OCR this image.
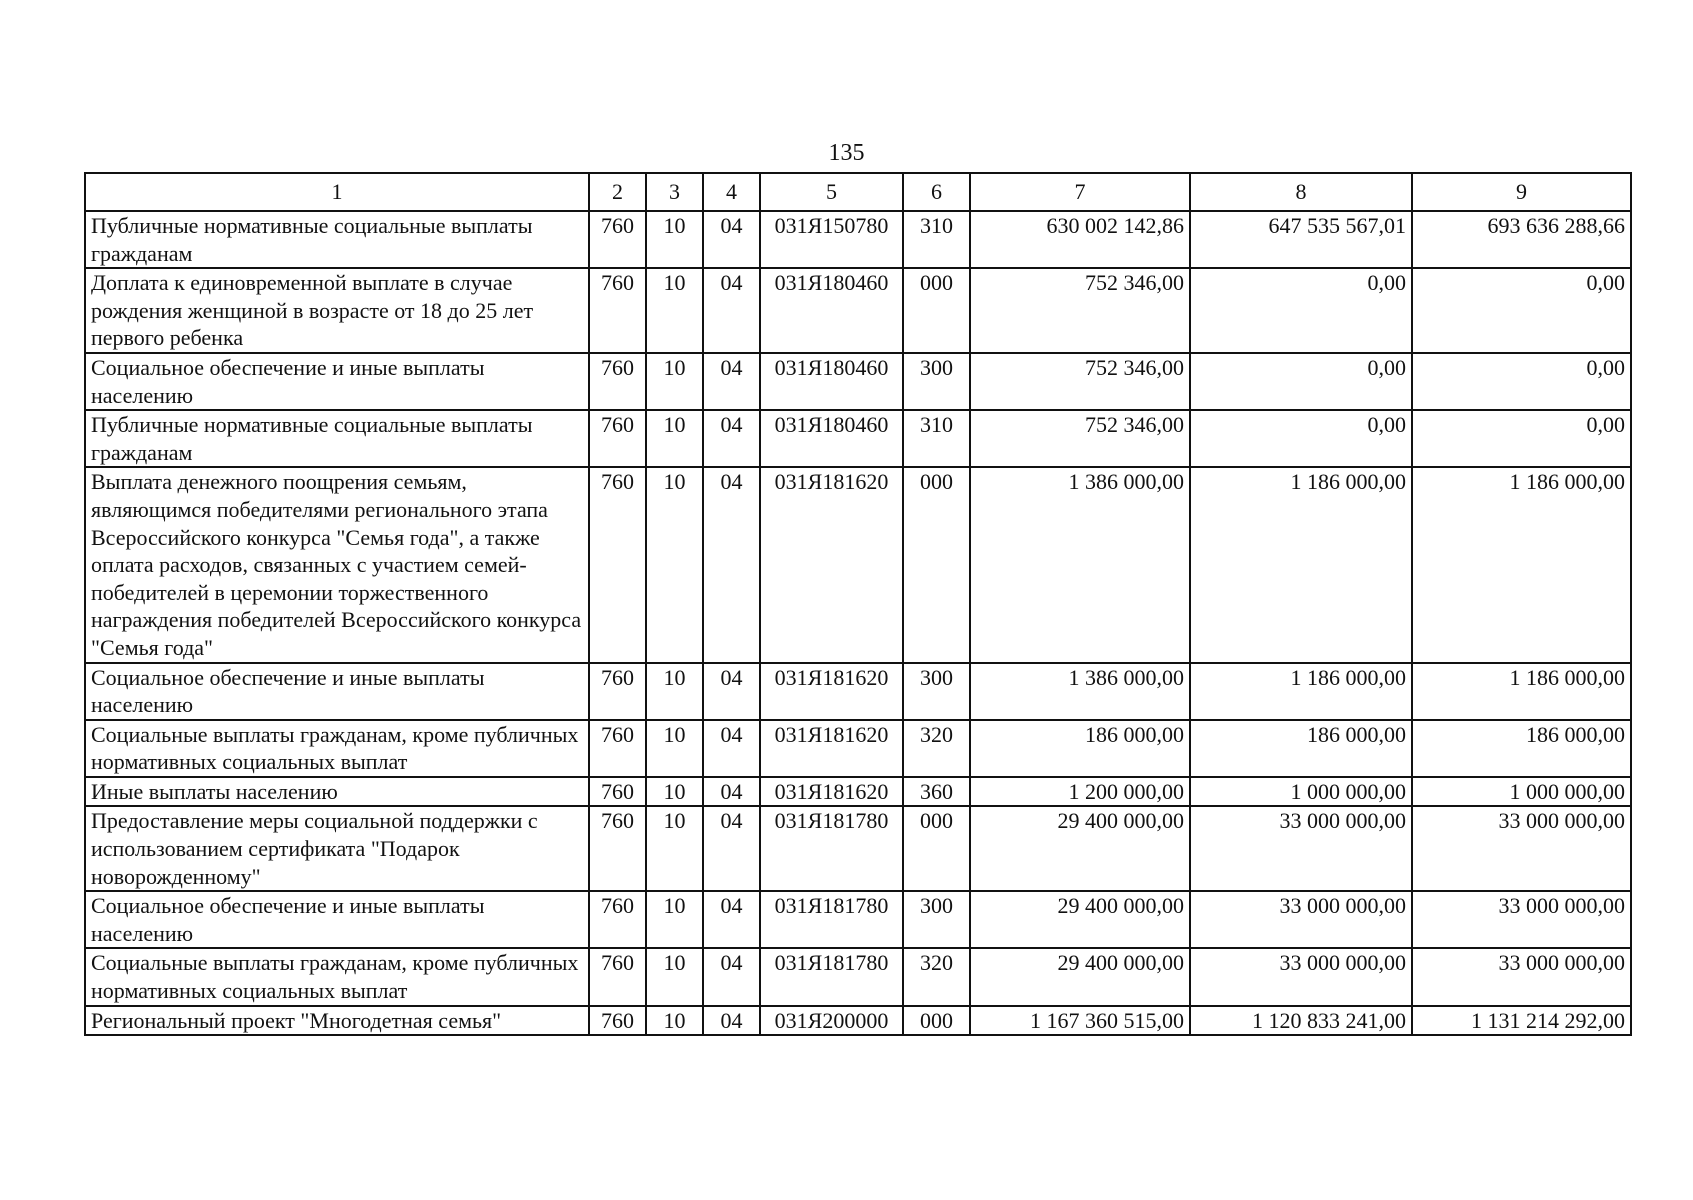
135
1	2	3	4	5	6	7	8	9
Публичные нормативные социальные выплаты гражданам	760	10	04	031Я150780	310	630 002 142,86	647 535 567,01	693 636 288,66
Доплата к единовременной выплате в случае рождения женщиной в возрасте от 18 до 25 лет первого ребенка	760	10	04	031Я180460	000	752 346,00	0,00	0,00
Социальное обеспечение и иные выплаты населению	760	10	04	031Я180460	300	752 346,00	0,00	0,00
Публичные нормативные социальные выплаты гражданам	760	10	04	031Я180460	310	752 346,00	0,00	0,00
Выплата денежного поощрения семьям, являющимся победителями регионального этапа Всероссийского конкурса "Семья года", а также оплата расходов, связанных с участием семей-победителей в церемонии торжественного награждения победителей Всероссийского конкурса "Семья года"	760	10	04	031Я181620	000	1 386 000,00	1 186 000,00	1 186 000,00
Социальное обеспечение и иные выплаты населению	760	10	04	031Я181620	300	1 386 000,00	1 186 000,00	1 186 000,00
Социальные выплаты гражданам, кроме публичных нормативных социальных выплат	760	10	04	031Я181620	320	186 000,00	186 000,00	186 000,00
Иные выплаты населению	760	10	04	031Я181620	360	1 200 000,00	1 000 000,00	1 000 000,00
Предоставление меры социальной поддержки с использованием сертификата "Подарок новорожденному"	760	10	04	031Я181780	000	29 400 000,00	33 000 000,00	33 000 000,00
Социальное обеспечение и иные выплаты населению	760	10	04	031Я181780	300	29 400 000,00	33 000 000,00	33 000 000,00
Социальные выплаты гражданам, кроме публичных нормативных социальных выплат	760	10	04	031Я181780	320	29 400 000,00	33 000 000,00	33 000 000,00
Региональный проект "Многодетная семья"	760	10	04	031Я200000	000	1 167 360 515,00	1 120 833 241,00	1 131 214 292,00
